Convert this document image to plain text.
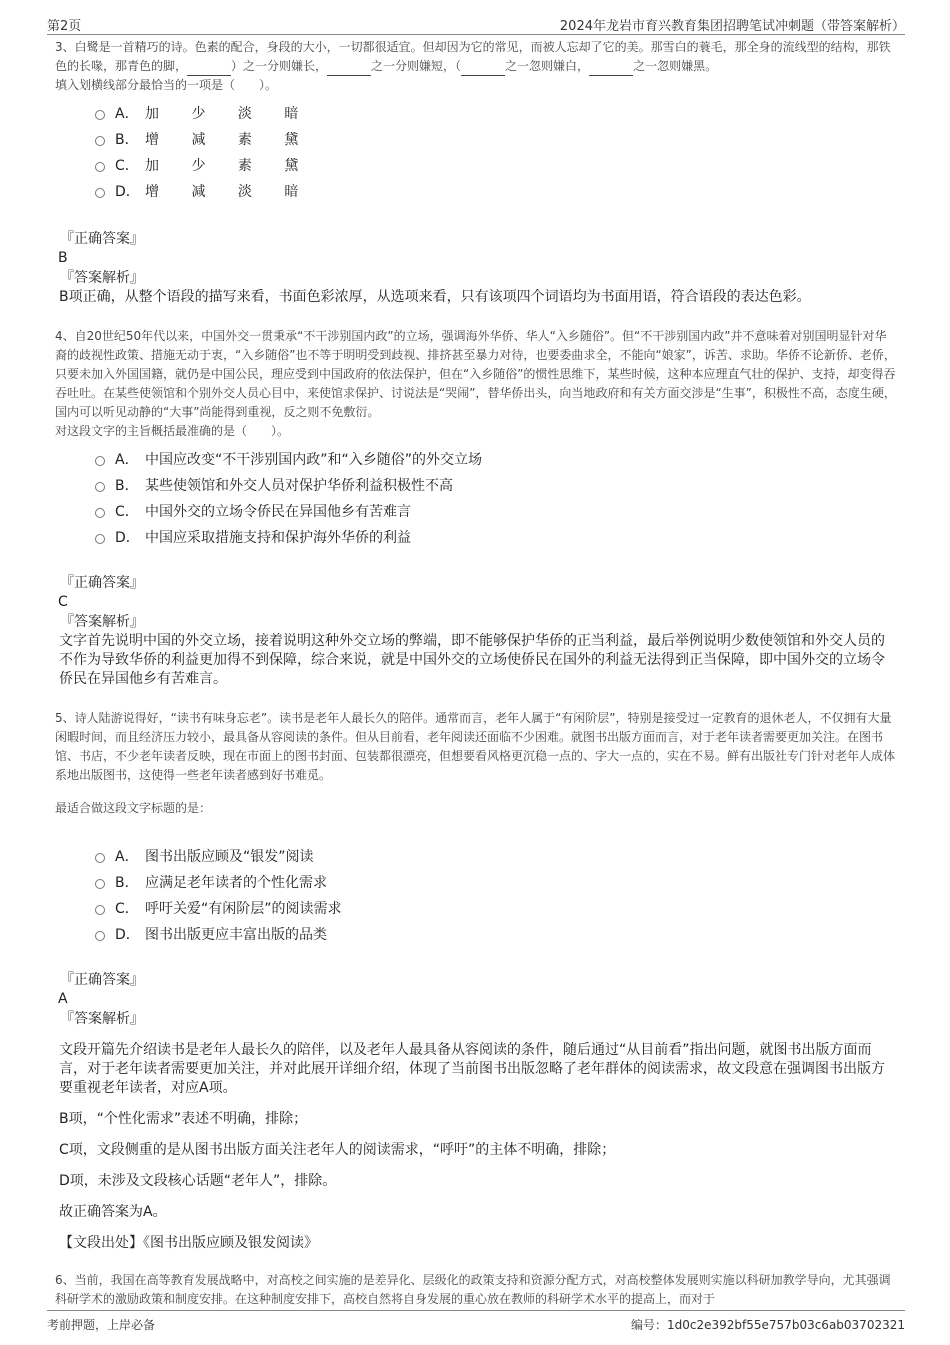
第2页	2024年龙岩市育兴教育集团招聘笔试冲刺题（带答案解析）

3、白鹭是一首精巧的诗。色素的配合，身段的大小，一切都很适宜。但却因为它的常见，而被人忘却了它的美。那雪白的蓑毛，那全身的流线型的结构，那铁色的长喙，那青色的脚，	）之一分则嫌长，	之一分则嫌短，（	之一忽则嫌白，	之一忽则嫌黑。
填入划横线部分最恰当的一项是（　　）。

A． 加 少 淡 暗
B． 增 减 素 黛
C． 加 少 素 黛
D． 增 减 淡 暗

『正确答案』

B

『答案解析』

B项正确，从整个语段的描写来看，书面色彩浓厚，从选项来看，只有该项四个词语均为书面用语，符合语段的表达色彩。

4、自20世纪50年代以来，中国外交一贯秉承“不干涉别国内政”的立场，强调海外华侨、华人“入乡随俗”。但“不干涉别国内政”并不意味着对别国明显针对华裔的歧视性政策、措施无动于衷，“入乡随俗”也不等于明明受到歧视、排挤甚至暴力对待，也要委曲求全，不能向“娘家”，诉苦、求助。华侨不论新侨、老侨，只要未加入外国国籍，就仍是中国公民，理应受到中国政府的依法保护，但在“入乡随俗”的惯性思维下，某些时候，这种本应理直气壮的保护、支持，却变得吞吞吐吐。在某些使领馆和个别外交人员心目中，来使馆求保护、讨说法是“哭闹”，替华侨出头，向当地政府和有关方面交涉是“生事”，积极性不高，态度生硬，国内可以听见动静的“大事”尚能得到重视，反之则不免敷衍。

对这段文字的主旨概括最准确的是（　　）。

A． 中国应改变“不干涉别国内政”和“入乡随俗”的外交立场
B． 某些使领馆和外交人员对保护华侨利益积极性不高
C． 中国外交的立场令侨民在异国他乡有苦难言
D． 中国应采取措施支持和保护海外华侨的利益

『正确答案』

C

『答案解析』

文字首先说明中国的外交立场，接着说明这种外交立场的弊端，即不能够保护华侨的正当利益，最后举例说明少数使领馆和外交人员的不作为导致华侨的利益更加得不到保障，综合来说，就是中国外交的立场使侨民在国外的利益无法得到正当保障，即中国外交的立场令侨民在异国他乡有苦难言。

5、诗人陆游说得好，“读书有味身忘老”。读书是老年人最长久的陪伴。通常而言，老年人属于“有闲阶层”，特别是接受过一定教育的退休老人，不仅拥有大量闲暇时间，而且经济压力较小，最具备从容阅读的条件。但从目前看，老年阅读还面临不少困难。就图书出版方面而言，对于老年读者需要更加关注。在图书馆、书店，不少老年读者反映，现在市面上的图书封面、包装都很漂亮，但想要看风格更沉稳一点的、字大一点的，实在不易。鲜有出版社专门针对老年人成体系地出版图书，这使得一些老年读者感到好书难觅。

最适合做这段文字标题的是：

A． 图书出版应顾及“银发”阅读
B． 应满足老年读者的个性化需求
C． 呼吁关爱“有闲阶层”的阅读需求
D． 图书出版更应丰富出版的品类

『正确答案』

A

『答案解析』

文段开篇先介绍读书是老年人最长久的陪伴，以及老年人最具备从容阅读的条件，随后通过“从目前看”指出问题，就图书出版方面而言，对于老年读者需要更加关注，并对此展开详细介绍，体现了当前图书出版忽略了老年群体的阅读需求，故文段意在强调图书出版方要重视老年读者，对应A项。

B项，“个性化需求”表述不明确，排除；

C项，文段侧重的是从图书出版方面关注老年人的阅读需求，“呼吁”的主体不明确，排除；

D项，未涉及文段核心话题“老年人”，排除。

故正确答案为A。

【文段出处】《图书出版应顾及银发阅读》

6、当前，我国在高等教育发展战略中，对高校之间实施的是差异化、层级化的政策支持和资源分配方式，对高校整体发展则实施以科研加教学导向，尤其强调科研学术的激励政策和制度安排。在这种制度安排下，高校自然将自身发展的重心放在教师的科研学术水平的提高上，而对于

考前押题，上岸必备	编号：1d0c2e392bf55e757b03c6ab03702321
